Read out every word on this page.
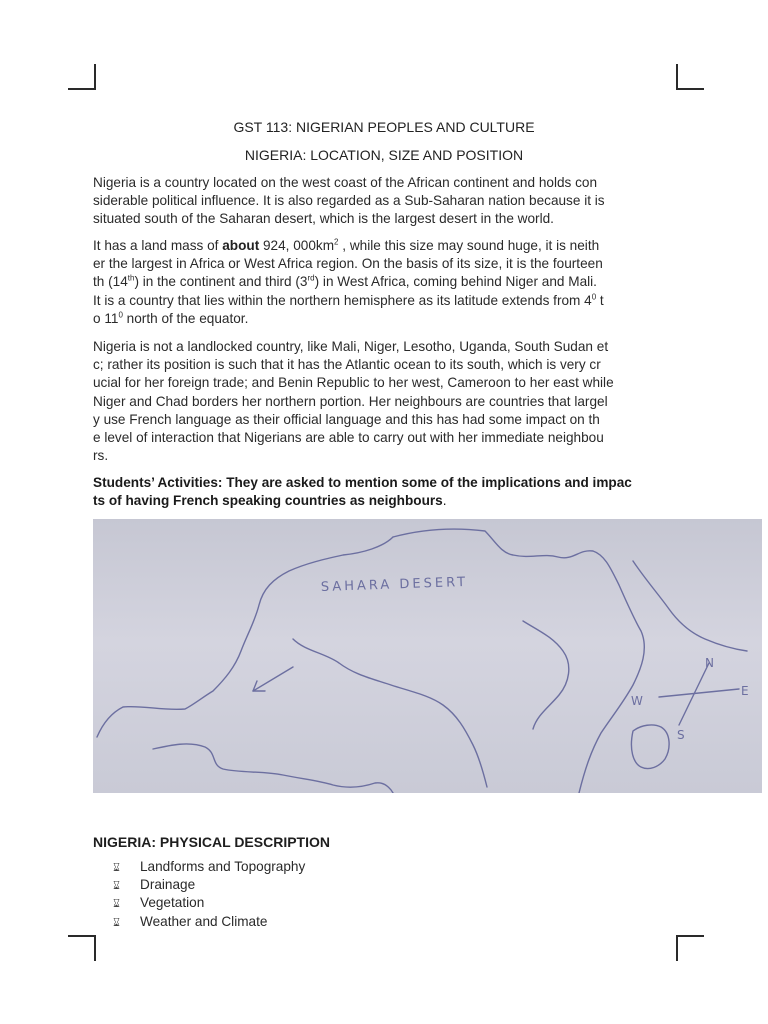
GST 113: NIGERIAN PEOPLES AND CULTURE
NIGERIA: LOCATION, SIZE AND POSITION
Nigeria is a country located on the west coast of the African continent and holds con
siderable political influence. It is also regarded as a Sub-Saharan nation because it is
situated south of the Saharan desert, which is the largest desert in the world.
It has a land mass of about 924, $000km^2$ , while this size may sound huge, it is neith
er the largest in Africa or West Africa region. On the basis of its size, it is the fourteen
th (14th) in the continent and third (3rd) in West Africa, coming behind Niger and Mali.
It is a country that lies within the northern hemisphere as its latitude extends from $4^0$ t
o $11^0$ north of the equator.
Nigeria is not a landlocked country, like Mali, Niger, Lesotho, Uganda, South Sudan et
c; rather its position is such that it has the Atlantic ocean to its south, which is very cr
ucial for her foreign trade; and Benin Republic to her west, Cameroon to her east while
Niger and Chad borders her northern portion. Her neighbours are countries that largel
y use French language as their official language and this has had some impact on th
e level of interaction that Nigerians are able to carry out with her immediate neighbou
rs.
Students’ Activities: They are asked to mention some of the implications and impac
ts of having French speaking countries as neighbours.
SAHARA DESERT
N
S
E
W
NIGERIA: PHYSICAL DESCRIPTION
⌛︎ Landforms and Topography
⌛︎ Drainage
⌛︎ Vegetation
⌛︎ Weather and Climate
